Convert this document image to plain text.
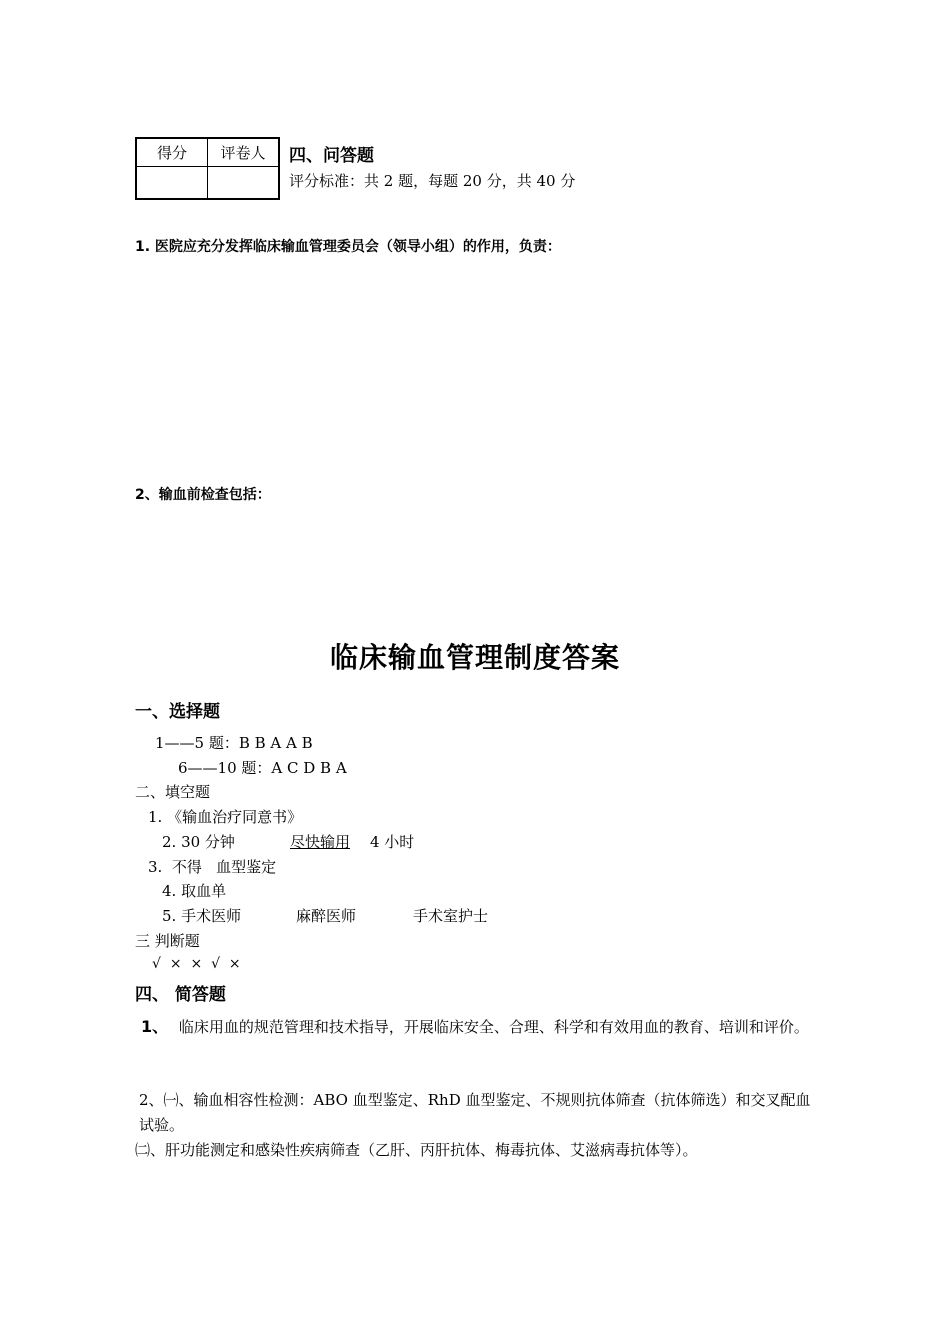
得分	评卷人
	四、问答题
评分标准：共 2 题，每题 20 分，共 40 分
1. 医院应充分发挥临床输血管理委员会（领导小组）的作用，负责：
2、输血前检查包括：
临床输血管理制度答案
一、选择题
1——5 题：B B A A B
6——10 题：A C D B A
二、填空题
1. 《输血治疗同意书》
2. 30 分钟	尽快输用 4 小时
3.  不得   血型鉴定
4. 取血单
5. 手术医师	麻醉医师	手术室护士
三 判断题
√  ×  ×  √  ×
四、 简答题
1、 临床用血的规范管理和技术指导，开展临床安全、合理、科学和有效用血的教育、培训和评价。
2、㈠、输血相容性检测：ABO 血型鉴定、RhD 血型鉴定、不规则抗体筛查（抗体筛选）和交叉配血试验。
㈡、肝功能测定和感染性疾病筛查（乙肝、丙肝抗体、梅毒抗体、艾滋病毒抗体等）。
